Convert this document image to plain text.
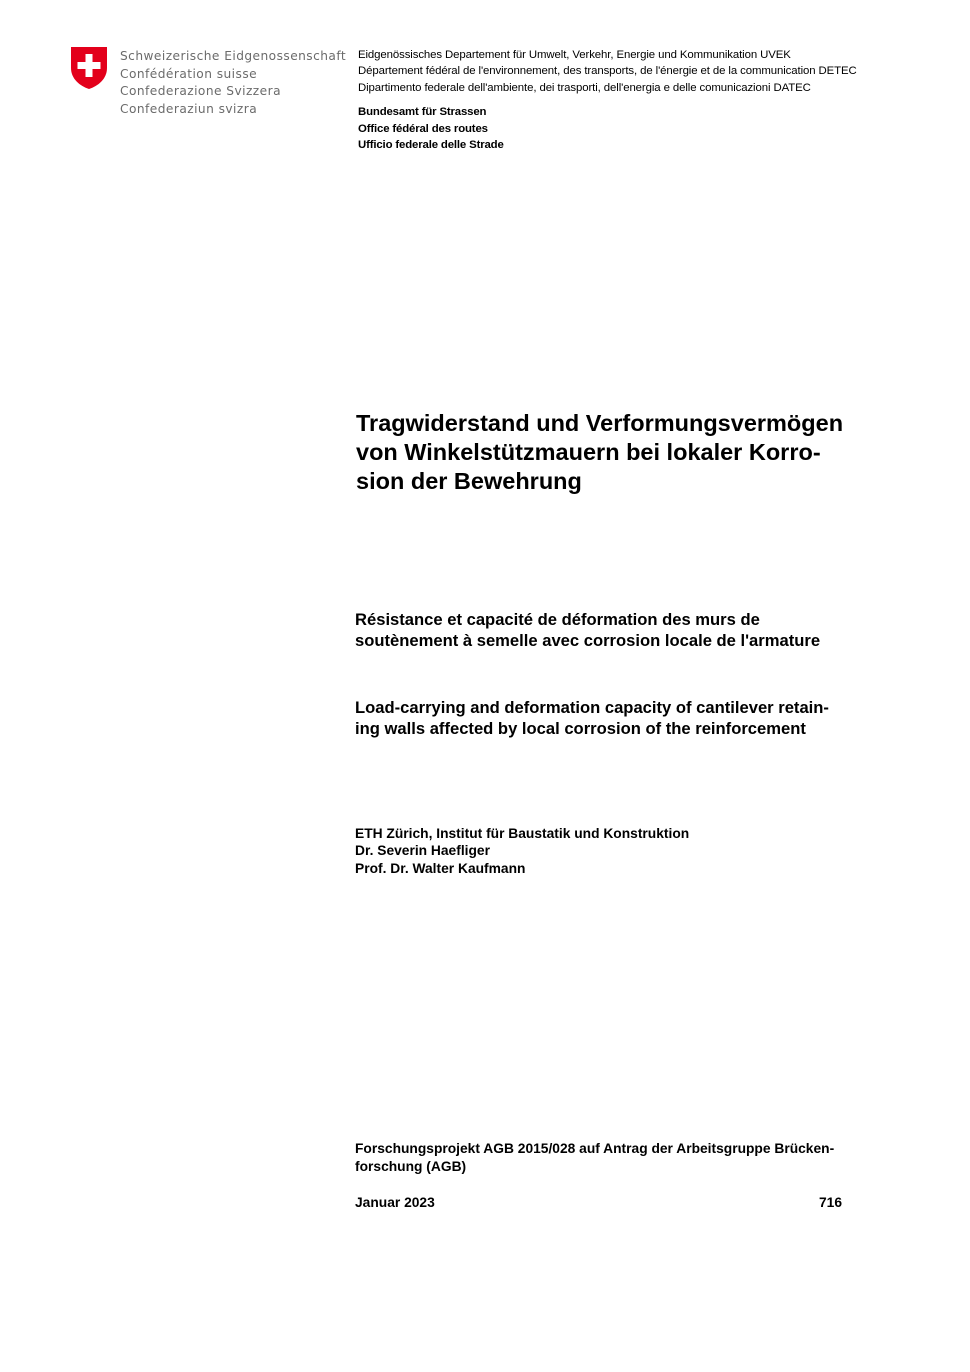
Schweizerische Eidgenossenschaft
Confédération suisse
Confederazione Svizzera
Confederaziun svizra
Eidgenössisches Departement für Umwelt, Verkehr, Energie und Kommunikation UVEK
Département fédéral de l'environnement, des transports, de l'énergie et de la communication DETEC
Dipartimento federale dell'ambiente, dei trasporti, dell'energia e delle comunicazioni DATEC
Bundesamt für Strassen
Office fédéral des routes
Ufficio federale delle Strade
Tragwiderstand und Verformungsvermögen
von Winkelstützmauern bei lokaler Korro-
sion der Bewehrung
Résistance et capacité de déformation des murs de
soutènement à semelle avec corrosion locale de l'armature
Load-carrying and deformation capacity of cantilever retain-
ing walls affected by local corrosion of the reinforcement
ETH Zürich, Institut für Baustatik und Konstruktion
Dr. Severin Haefliger
Prof. Dr. Walter Kaufmann
Forschungsprojekt AGB 2015/028 auf Antrag der Arbeitsgruppe Brücken-
forschung (AGB)
Januar 2023	716
